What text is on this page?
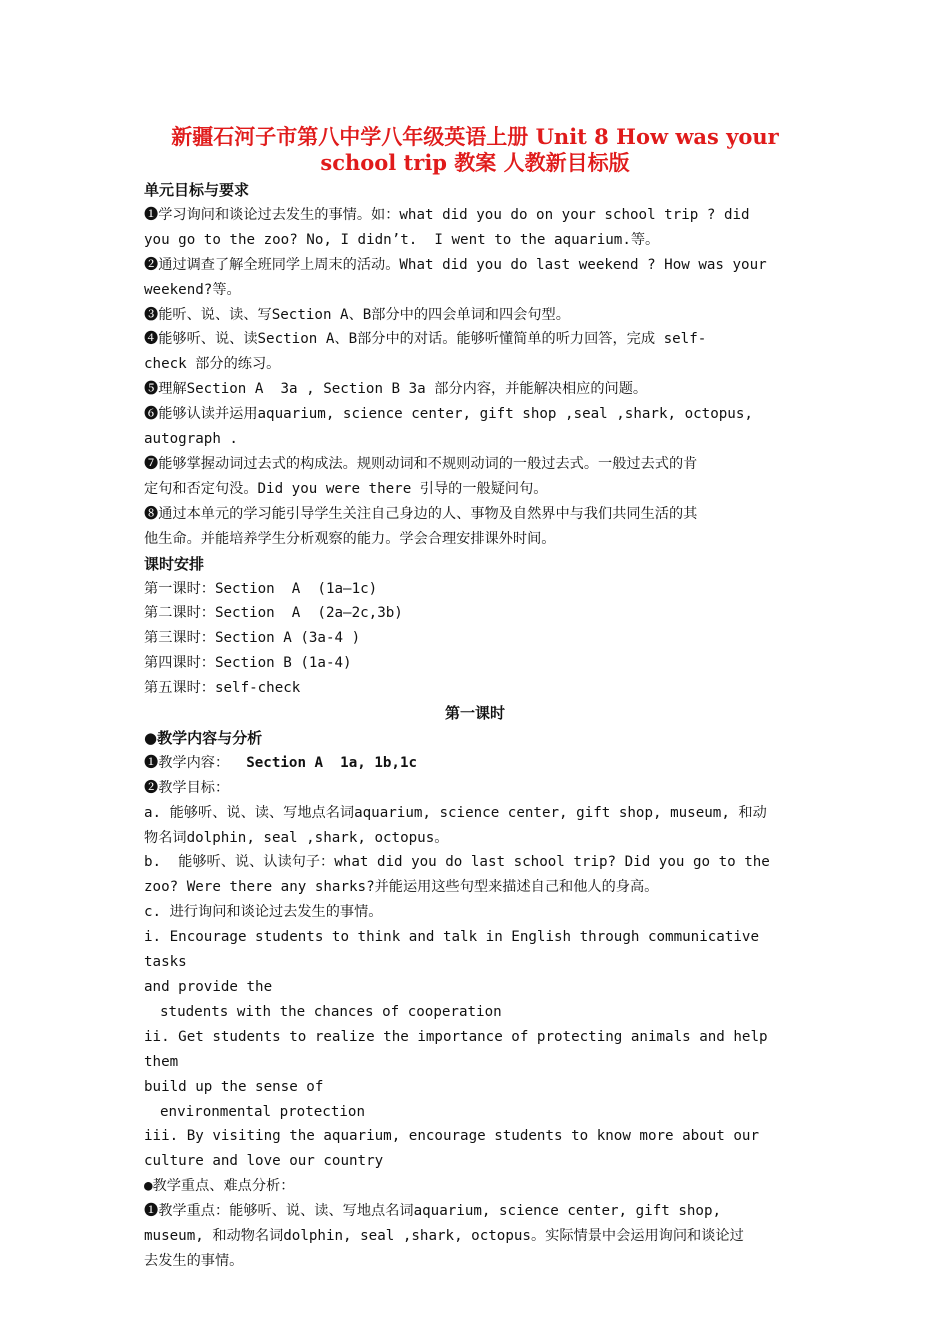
新疆石河子市第八中学八年级英语上册 Unit 8 How was your
school trip 教案 人教新目标版

单元目标与要求

❶学习询问和谈论过去发生的事情。如：what did you do on your school trip ? did

you go to the zoo? No, I didn’t.  I went to the aquarium.等。

❷通过调查了解全班同学上周末的活动。What did you do last weekend ? How was your

weekend?等。

❸能听、说、读、写Section A、B部分中的四会单词和四会句型。

❹能够听、说、读Section A、B部分中的对话。能够听懂简单的听力回答，完成 self-

check 部分的练习。

❺理解Section A  3a , Section B 3a 部分内容，并能解决相应的问题。

❻能够认读并运用aquarium, science center, gift shop ,seal ,shark, octopus,

autograph .

❼能够掌握动词过去式的构成法。规则动词和不规则动词的一般过去式。一般过去式的肯

定句和否定句没。Did you were there 引导的一般疑问句。

❽通过本单元的学习能引导学生关注自己身边的人、事物及自然界中与我们共同生活的其

他生命。并能培养学生分析观察的能力。学会合理安排课外时间。

课时安排

第一课时：Section  A  (1a—1c)

第二课时：Section  A  (2a—2c,3b)

第三课时：Section A (3a-4 )

第四课时：Section B (1a-4)

第五课时：self-check

第一课时

●教学内容与分析

❶教学内容：  Section A  1a, 1b,1c

❷教学目标：

a. 能够听、说、读、写地点名词aquarium, science center, gift shop, museum, 和动

物名词dolphin, seal ,shark, octopus。

b.  能够听、说、认读句子：what did you do last school trip? Did you go to the

zoo? Were there any sharks?并能运用这些句型来描述自己和他人的身高。

c. 进行询问和谈论过去发生的事情。

i. Encourage students to think and talk in English through communicative tasks

and provide the

students with the chances of cooperation

ii. Get students to realize the importance of protecting animals and help them

build up the sense of

environmental protection

iii. By visiting the aquarium, encourage students to know more about our

culture and love our country

●教学重点、难点分析：

❶教学重点：能够听、说、读、写地点名词aquarium, science center, gift shop,

museum, 和动物名词dolphin, seal ,shark, octopus。实际情景中会运用询问和谈论过

去发生的事情。
